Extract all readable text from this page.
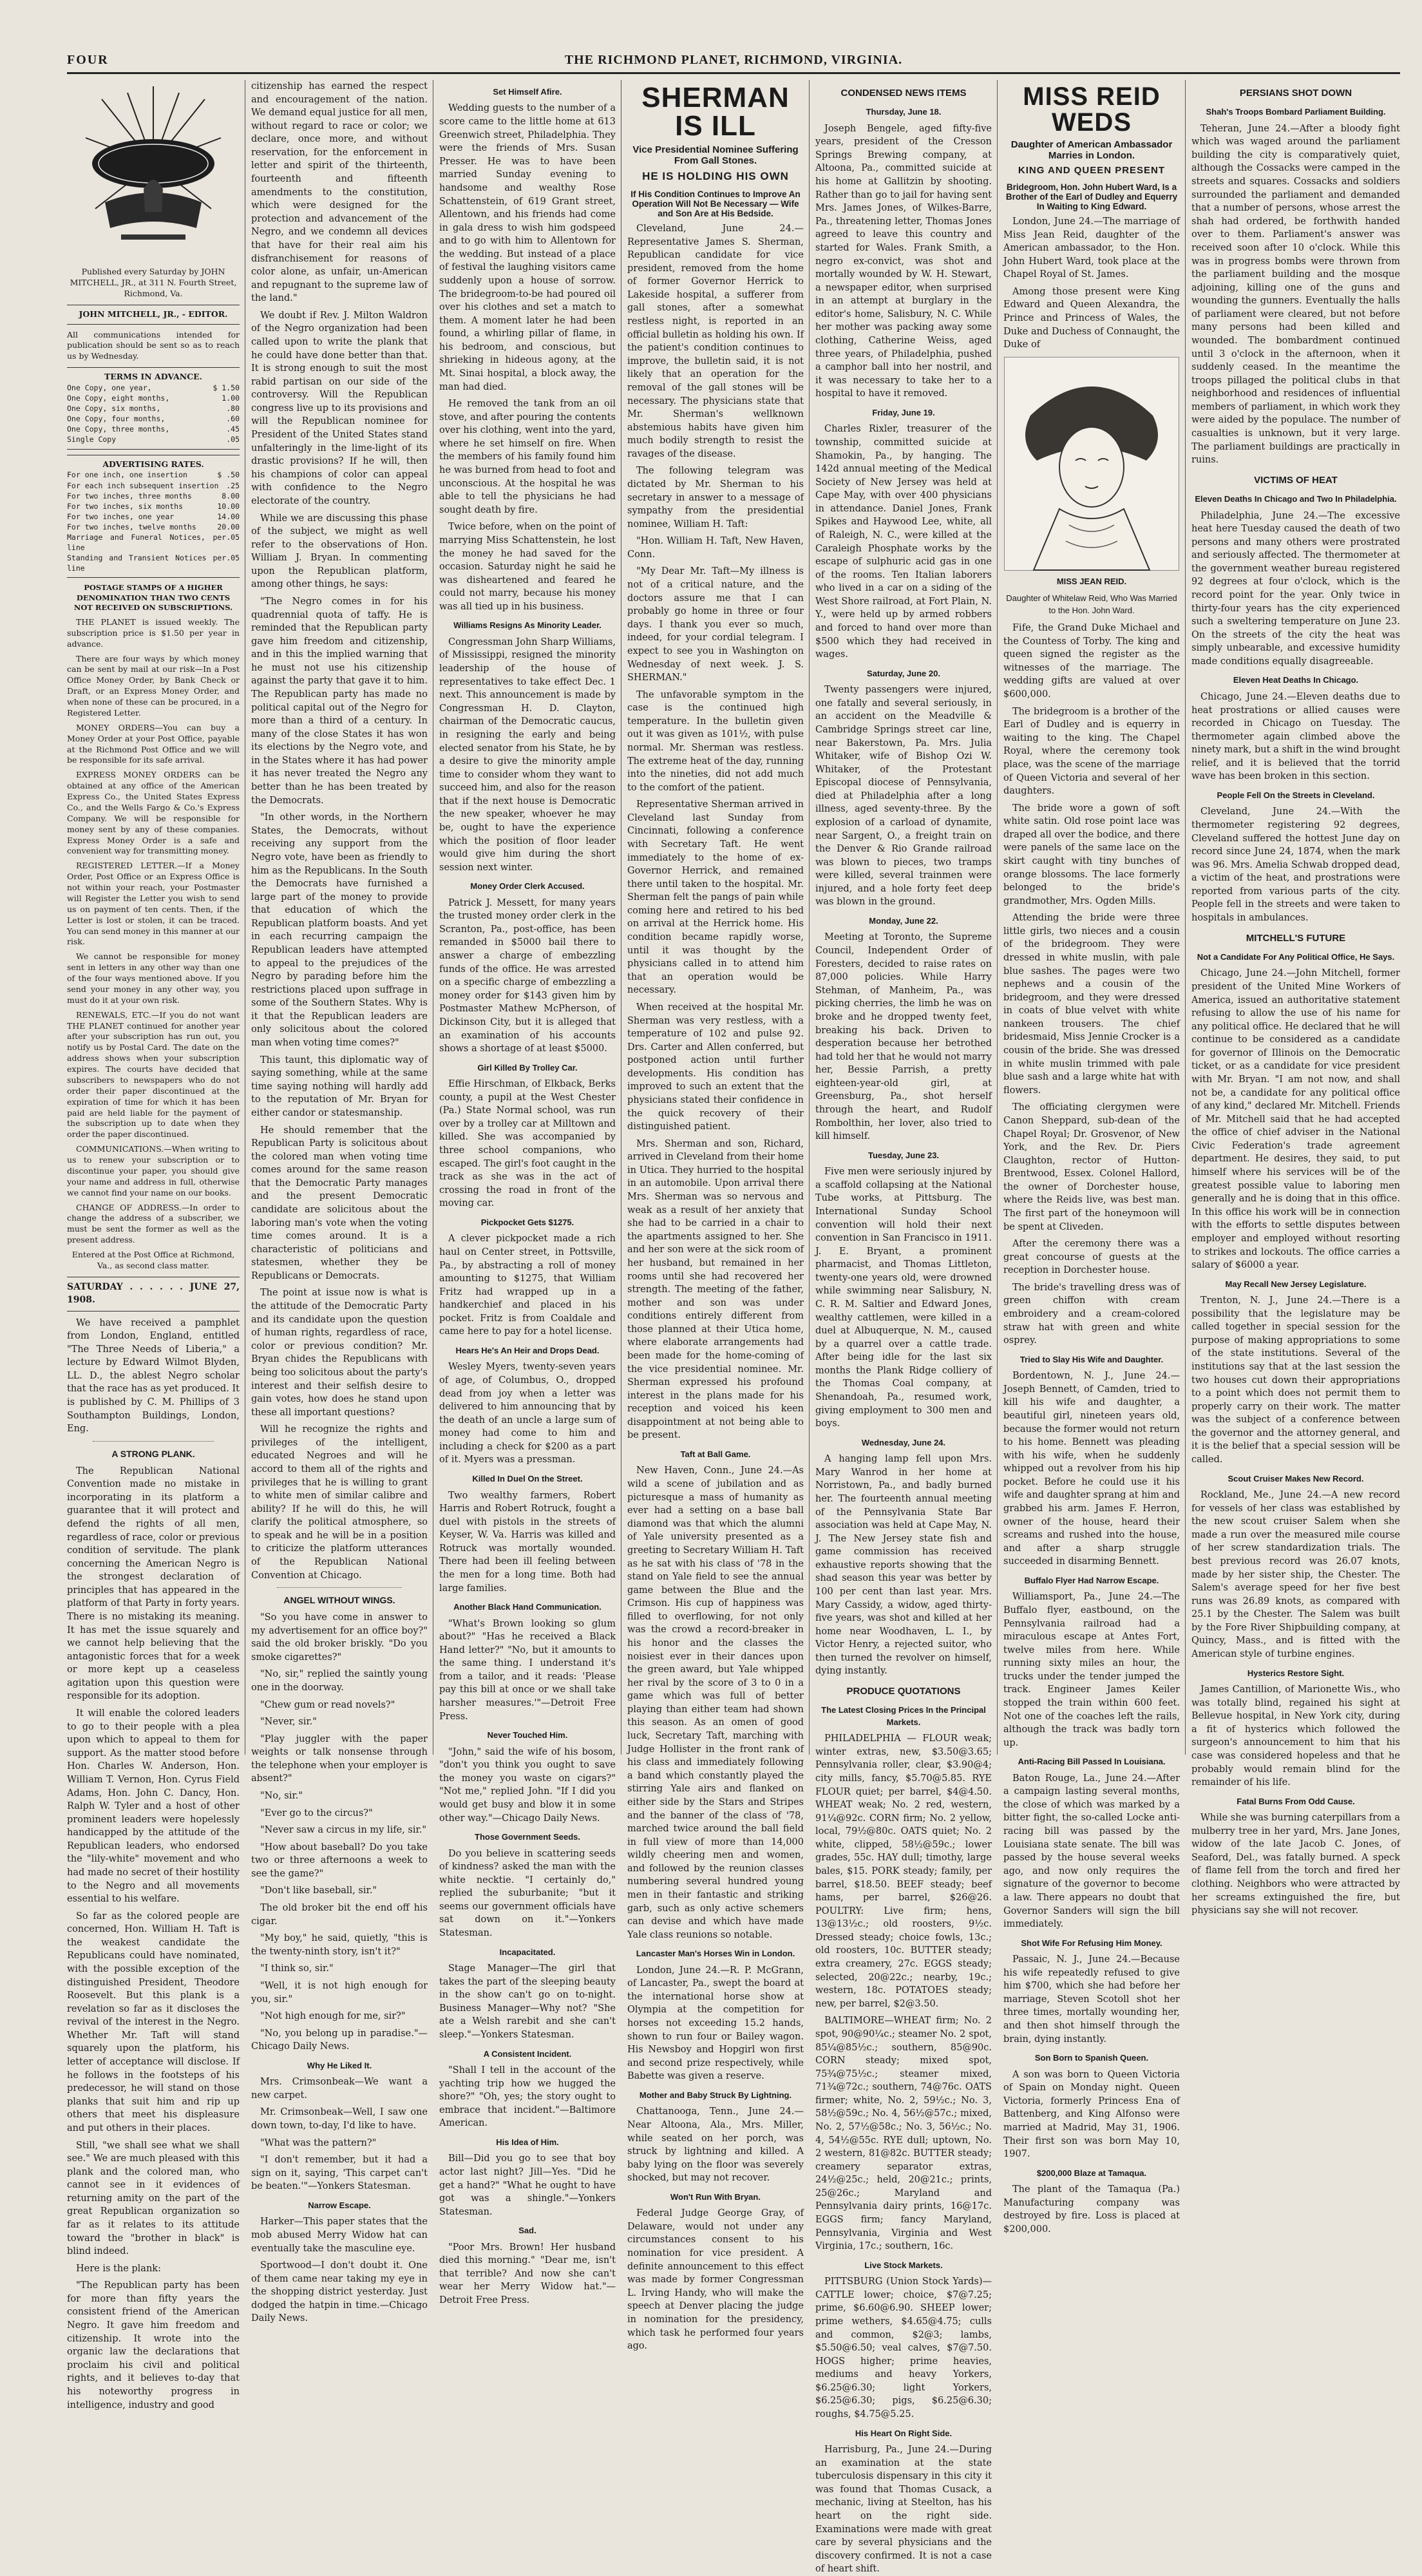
FOUR	THE RICHMOND PLANET, RICHMOND, VIRGINIA.

Published every Saturday by JOHN MITCHELL, JR., at 311 N. Fourth Street, Richmond, Va.

JOHN MITCHELL, JR., - EDITOR.

All communications intended for publication should be sent so as to reach us by Wednesday.

TERMS IN ADVANCE.
One Copy, one year,	$ 1.50
One Copy, eight months,	1.00
One Copy, six months,	.80
One Copy, four months,	.60
One Copy, three months,	.45
Single Copy	.05
ADVERTISING RATES.
For one inch, one insertion	$ .50
For each inch subsequent insertion .25
For two inches, three months	8.00
For two inches, six months	10.00
For two inches, one year	14.00
For two inches, twelve months	20.00
Marriage and Funeral Notices, per line
.05
Standing and Transient Notices per line
.05

POSTAGE STAMPS OF A HIGHER DENOMINATION THAN TWO CENTS NOT RECEIVED ON SUBSCRIPTIONS.

THE PLANET is issued weekly. The subscription price is $1.50 per year in advance.

There are four ways by which money can be sent by mail at our risk—In a Post Office Money Order, by Bank Check or Draft, or an Express Money Order, and when none of these can be procured, in a Registered Letter.

MONEY ORDERS—You can buy a Money Order at your Post Office, payable at the Richmond Post Office and we will be responsible for its safe arrival.

EXPRESS MONEY ORDERS can be obtained at any office of the American Express Co., the United States Express Co., and the Wells Fargo & Co.'s Express Company. We will be responsible for money sent by any of these companies. Express Money Order is a safe and convenient way for transmitting money.

REGISTERED LETTER.—If a Money Order, Post Office or an Express Office is not within your reach, your Postmaster will Register the Letter you wish to send us on payment of ten cents. Then, if the Letter is lost or stolen, it can be traced. You can send money in this manner at our risk.

We cannot be responsible for money sent in letters in any other way than one of the four ways mentioned above. If you send your money in any other way, you must do it at your own risk.

RENEWALS, ETC.—If you do not want THE PLANET continued for another year after your subscription has run out, you notify us by Postal Card. The date on the address shows when your subscription expires. The courts have decided that subscribers to newspapers who do not order their paper discontinued at the expiration of time for which it has been paid are held liable for the payment of the subscription up to date when they order the paper discontinued.

COMMUNICATIONS.—When writing to us to renew your subscription or to discontinue your paper, you should give your name and address in full, otherwise we cannot find your name on our books.

CHANGE OF ADDRESS.—In order to change the address of a subscriber, we must be sent the former as well as the present address.

Entered at the Post Office at Richmond, Va., as second class matter.

SATURDAY . . . . . . JUNE 27, 1908.

We have received a pamphlet from London, England, entitled "The Three Needs of Liberia," a lecture by Edward Wilmot Blyden, LL. D., the ablest Negro scholar that the race has as yet produced. It is published by C. M. Phillips of 3 Southampton Buildings, London, Eng.

A STRONG PLANK.

The Republican National Convention made no mistake in incorporating in its platform a guarantee that it will protect and defend the rights of all men, regardless of race, color or previous condition of servitude. The plank concerning the American Negro is the strongest declaration of principles that has appeared in the platform of that Party in forty years. There is no mistaking its meaning. It has met the issue squarely and we cannot help believing that the antagonistic forces that for a week or more kept up a ceaseless agitation upon this question were responsible for its adoption.

It will enable the colored leaders to go to their people with a plea upon which to appeal to them for support. As the matter stood before Hon. Charles W. Anderson, Hon. William T. Vernon, Hon. Cyrus Field Adams, Hon. John C. Dancy, Hon. Ralph W. Tyler and a host of other prominent leaders were hopelessly handicapped by the attitude of the Republican leaders, who endorsed the "lily-white" movement and who had made no secret of their hostility to the Negro and all movements essential to his welfare.

So far as the colored people are concerned, Hon. William H. Taft is the weakest candidate the Republicans could have nominated, with the possible exception of the distinguished President, Theodore Roosevelt. But this plank is a revelation so far as it discloses the revival of the interest in the Negro. Whether Mr. Taft will stand squarely upon the platform, his letter of acceptance will disclose. If he follows in the footsteps of his predecessor, he will stand on those planks that suit him and rip up others that meet his displeasure and put others in their places.

Still, "we shall see what we shall see." We are much pleased with this plank and the colored man, who cannot see in it evidences of returning amity on the part of the great Republican organization so far as it relates to its attitude toward the "brother in black" is blind indeed.

Here is the plank:

"The Republican party has been for more than fifty years the consistent friend of the American Negro. It gave him freedom and citizenship. It wrote into the organic law the declarations that proclaim his civil and political rights, and it believes to-day that his noteworthy progress in intelligence, industry and good

citizenship has earned the respect and encouragement of the nation. We demand equal justice for all men, without regard to race or color; we declare, once more, and without reservation, for the enforcement in letter and spirit of the thirteenth, fourteenth and fifteenth amendments to the constitution, which were designed for the protection and advancement of the Negro, and we condemn all devices that have for their real aim his disfranchisement for reasons of color alone, as unfair, un-American and repugnant to the supreme law of the land."

We doubt if Rev. J. Milton Waldron of the Negro organization had been called upon to write the plank that he could have done better than that. It is strong enough to suit the most rabid partisan on our side of the controversy. Will the Republican congress live up to its provisions and will the Republican nominee for President of the United States stand unfalteringly in the lime-light of its drastic provisions? If he will, then his champions of color can appeal with confidence to the Negro electorate of the country.

While we are discussing this phase of the subject, we might as well refer to the observations of Hon. William J. Bryan. In commenting upon the Republican platform, among other things, he says:

"The Negro comes in for his quadrennial quota of taffy. He is reminded that the Republican party gave him freedom and citizenship, and in this the implied warning that he must not use his citizenship against the party that gave it to him. The Republican party has made no political capital out of the Negro for more than a third of a century. In many of the close States it has won its elections by the Negro vote, and in the States where it has had power it has never treated the Negro any better than he has been treated by the Democrats.

"In other words, in the Northern States, the Democrats, without receiving any support from the Negro vote, have been as friendly to him as the Republicans. In the South the Democrats have furnished a large part of the money to provide that education of which the Republican platform boasts. And yet in each recurring campaign the Republican leaders have attempted to appeal to the prejudices of the Negro by parading before him the restrictions placed upon suffrage in some of the Southern States. Why is it that the Republican leaders are only solicitous about the colored man when voting time comes?"

This taunt, this diplomatic way of saying something, while at the same time saying nothing will hardly add to the reputation of Mr. Bryan for either candor or statesmanship.

He should remember that the Republican Party is solicitous about the colored man when voting time comes around for the same reason that the Democratic Party manages and the present Democratic candidate are solicitous about the laboring man's vote when the voting time comes around. It is a characteristic of politicians and statesmen, whether they be Republicans or Democrats.

The point at issue now is what is the attitude of the Democratic Party and its candidate upon the question of human rights, regardless of race, color or previous condition? Mr. Bryan chides the Republicans with being too solicitous about the party's interest and their selfish desire to gain votes, how does he stand upon these all important questions?

Will he recognize the rights and privileges of the intelligent, educated Negroes and will he accord to them all of the rights and privileges that he is willing to grant to white men of similar calibre and ability? If he will do this, he will clarify the political atmosphere, so to speak and he will be in a position to criticize the platform utterances of the Republican National Convention at Chicago.

ANGEL WITHOUT WINGS.

"So you have come in answer to my advertisement for an office boy?" said the old broker briskly. "Do you smoke cigarettes?"

"No, sir," replied the saintly young one in the doorway.

"Chew gum or read novels?"

"Never, sir."

"Play juggler with the paper weights or talk nonsense through the telephone when your employer is absent?"

"No, sir."

"Ever go to the circus?"

"Never saw a circus in my life, sir."

"How about baseball? Do you take two or three afternoons a week to see the game?"

"Don't like baseball, sir."

The old broker bit the end off his cigar.

"My boy," he said, quietly, "this is the twenty-ninth story, isn't it?"

"I think so, sir."

"Well, it is not high enough for you, sir."

"Not high enough for me, sir?"

"No, you belong up in paradise."—Chicago Daily News.

Why He Liked It.

Mrs. Crimsonbeak—We want a new carpet.

Mr. Crimsonbeak—Well, I saw one down town, to-day, I'd like to have.

"What was the pattern?"

"I don't remember, but it had a sign on it, saying, 'This carpet can't be beaten.'"—Yonkers Statesman.

Narrow Escape.

Harker—This paper states that the mob abused Merry Widow hat can eventually take the masculine eye.

Sportwood—I don't doubt it. One of them came near taking my eye in the shopping district yesterday. Just dodged the hatpin in time.—Chicago Daily News.

Set Himself Afire.

Wedding guests to the number of a score came to the little home at 613 Greenwich street, Philadelphia. They were the friends of Mrs. Susan Presser. He was to have been married Sunday evening to handsome and wealthy Rose Schattenstein, of 619 Grant street, Allentown, and his friends had come in gala dress to wish him godspeed and to go with him to Allentown for the wedding. But instead of a place of festival the laughing visitors came suddenly upon a house of sorrow. The bridegroom-to-be had poured oil over his clothes and set a match to them. A moment later he had been found, a whirling pillar of flame, in his bedroom, and conscious, but shrieking in hideous agony, at the Mt. Sinai hospital, a block away, the man had died.

He removed the tank from an oil stove, and after pouring the contents over his clothing, went into the yard, where he set himself on fire. When the members of his family found him he was burned from head to foot and unconscious. At the hospital he was able to tell the physicians he had sought death by fire.

Twice before, when on the point of marrying Miss Schattenstein, he lost the money he had saved for the occasion. Saturday night he said he was disheartened and feared he could not marry, because his money was all tied up in his business.

Williams Resigns As Minority Leader.

Congressman John Sharp Williams, of Mississippi, resigned the minority leadership of the house of representatives to take effect Dec. 1 next. This announcement is made by Congressman H. D. Clayton, chairman of the Democratic caucus, in resigning the early and being elected senator from his State, he by a desire to give the minority ample time to consider whom they want to succeed him, and also for the reason that if the next house is Democratic the new speaker, whoever he may be, ought to have the experience which the position of floor leader would give him during the short session next winter.

Money Order Clerk Accused.

Patrick J. Messett, for many years the trusted money order clerk in the Scranton, Pa., post-office, has been remanded in $5000 bail there to answer a charge of embezzling funds of the office. He was arrested on a specific charge of embezzling a money order for $143 given him by Postmaster Mathew McPherson, of Dickinson City, but it is alleged that an examination of his accounts shows a shortage of at least $5000.

Girl Killed By Trolley Car.

Effie Hirschman, of Elkback, Berks county, a pupil at the West Chester (Pa.) State Normal school, was run over by a trolley car at Milltown and killed. She was accompanied by three school companions, who escaped. The girl's foot caught in the track as she was in the act of crossing the road in front of the moving car.

Pickpocket Gets $1275.

A clever pickpocket made a rich haul on Center street, in Pottsville, Pa., by abstracting a roll of money amounting to $1275, that William Fritz had wrapped up in a handkerchief and placed in his pocket. Fritz is from Coaldale and came here to pay for a hotel license.

Hears He's An Heir and Drops Dead.

Wesley Myers, twenty-seven years of age, of Columbus, O., dropped dead from joy when a letter was delivered to him announcing that by the death of an uncle a large sum of money had come to him and including a check for $200 as a part of it. Myers was a pressman.

Killed In Duel On the Street.

Two wealthy farmers, Robert Harris and Robert Rotruck, fought a duel with pistols in the streets of Keyser, W. Va. Harris was killed and Rotruck was mortally wounded. There had been ill feeling between the men for a long time. Both had large families.

Another Black Hand Communication.

"What's Brown looking so glum about?" "Has he received a Black Hand letter?" "No, but it amounts to the same thing. I understand it's from a tailor, and it reads: 'Please pay this bill at once or we shall take harsher measures.'"—Detroit Free Press.

Never Touched Him.

"John," said the wife of his bosom, "don't you think you ought to save the money you waste on cigars?" "Not me," replied John. "If I did you would get busy and blow it in some other way."—Chicago Daily News.

Those Government Seeds.

Do you believe in scattering seeds of kindness? asked the man with the white necktie. "I certainly do," replied the suburbanite; "but it seems our government officials have sat down on it."—Yonkers Statesman.

Incapacitated.

Stage Manager—The girl that takes the part of the sleeping beauty in the show can't go on to-night. Business Manager—Why not? "She ate a Welsh rarebit and she can't sleep."—Yonkers Statesman.

A Consistent Incident.

"Shall I tell in the account of the yachting trip how we hugged the shore?" "Oh, yes; the story ought to embrace that incident."—Baltimore American.

His Idea of Him.

Bill—Did you go to see that boy actor last night? Jill—Yes. "Did he get a hand?" "What he ought to have got was a shingle."—Yonkers Statesman.

Sad.

"Poor Mrs. Brown! Her husband died this morning." "Dear me, isn't that terrible? And now she can't wear her Merry Widow hat."—Detroit Free Press.

SHERMAN IS ILL
Vice Presidential Nominee Suffering From Gall Stones.
HE IS HOLDING HIS OWN
If His Condition Continues to Improve An Operation Will Not Be Necessary — Wife and Son Are at His Bedside.

Cleveland, June 24.—Representative James S. Sherman, Republican candidate for vice president, removed from the home of former Governor Herrick to Lakeside hospital, a sufferer from gall stones, after a somewhat restless night, is reported in an official bulletin as holding his own. If the patient's condition continues to improve, the bulletin said, it is not likely that an operation for the removal of the gall stones will be necessary. The physicians state that Mr. Sherman's wellknown abstemious habits have given him much bodily strength to resist the ravages of the disease.

The following telegram was dictated by Mr. Sherman to his secretary in answer to a message of sympathy from the presidential nominee, William H. Taft:

"Hon. William H. Taft, New Haven, Conn.

"My Dear Mr. Taft—My illness is not of a critical nature, and the doctors assure me that I can probably go home in three or four days. I thank you ever so much, indeed, for your cordial telegram. I expect to see you in Washington on Wednesday of next week. J. S. SHERMAN."

The unfavorable symptom in the case is the continued high temperature. In the bulletin given out it was given as 101½, with pulse normal. Mr. Sherman was restless. The extreme heat of the day, running into the nineties, did not add much to the comfort of the patient.

Representative Sherman arrived in Cleveland last Sunday from Cincinnati, following a conference with Secretary Taft. He went immediately to the home of ex-Governor Herrick, and remained there until taken to the hospital. Mr. Sherman felt the pangs of pain while coming here and retired to his bed on arrival at the Herrick home. His condition became rapidly worse, until it was thought by the physicians called in to attend him that an operation would be necessary.

When received at the hospital Mr. Sherman was very restless, with a temperature of 102 and pulse 92. Drs. Carter and Allen conferred, but postponed action until further developments. His condition has improved to such an extent that the physicians stated their confidence in the quick recovery of their distinguished patient.

Mrs. Sherman and son, Richard, arrived in Cleveland from their home in Utica. They hurried to the hospital in an automobile. Upon arrival there Mrs. Sherman was so nervous and weak as a result of her anxiety that she had to be carried in a chair to the apartments assigned to her. She and her son were at the sick room of her husband, but remained in her rooms until she had recovered her strength. The meeting of the father, mother and son was under conditions entirely different from those planned at their Utica home, where elaborate arrangements had been made for the home-coming of the vice presidential nominee. Mr. Sherman expressed his profound interest in the plans made for his reception and voiced his keen disappointment at not being able to be present.

Taft at Ball Game.

New Haven, Conn., June 24.—As wild a scene of jubilation and as picturesque a mass of humanity as ever had a setting on a base ball diamond was that which the alumni of Yale university presented as a greeting to Secretary William H. Taft as he sat with his class of '78 in the stand on Yale field to see the annual game between the Blue and the Crimson. His cup of happiness was filled to overflowing, for not only was the crowd a record-breaker in his honor and the classes the noisiest ever in their dances upon the green award, but Yale whipped her rival by the score of 3 to 0 in a game which was full of better playing than either team had shown this season. As an omen of good luck, Secretary Taft, marching with Judge Hollister in the front rank of his class and immediately following a band which constantly played the stirring Yale airs and flanked on either side by the Stars and Stripes and the banner of the class of '78, marched twice around the ball field in full view of more than 14,000 wildly cheering men and women, and followed by the reunion classes numbering several hundred young men in their fantastic and striking garb, such as only active schemers can devise and which have made Yale class reunions so notable.

Lancaster Man's Horses Win in London.

London, June 24.—R. P. McGrann, of Lancaster, Pa., swept the board at the international horse show at Olympia at the competition for horses not exceeding 15.2 hands, shown to run four or Bailey wagon. His Newsboy and Hopgirl won first and second prize respectively, while Babette was given a reserve.

Mother and Baby Struck By Lightning.

Chattanooga, Tenn., June 24.—Near Altoona, Ala., Mrs. Miller, while seated on her porch, was struck by lightning and killed. A baby lying on the floor was severely shocked, but may not recover.

Won't Run With Bryan.

Federal Judge George Gray, of Delaware, would not under any circumstances consent to his nomination for vice president. A definite announcement to this effect was made by former Congressman L. Irving Handy, who will make the speech at Denver placing the judge in nomination for the presidency, which task he performed four years ago.

CONDENSED NEWS ITEMS
Thursday, June 18.

Joseph Bengele, aged fifty-five years, president of the Cresson Springs Brewing company, at Altoona, Pa., committed suicide at his home at Gallitzin by shooting. Rather than go to jail for having sent Mrs. James Jones, of Wilkes-Barre, Pa., threatening letter, Thomas Jones agreed to leave this country and started for Wales. Frank Smith, a negro ex-convict, was shot and mortally wounded by W. H. Stewart, a newspaper editor, when surprised in an attempt at burglary in the editor's home, Salisbury, N. C. While her mother was packing away some clothing, Catherine Weiss, aged three years, of Philadelphia, pushed a camphor ball into her nostril, and it was necessary to take her to a hospital to have it removed.

Friday, June 19.

Charles Rixler, treasurer of the township, committed suicide at Shamokin, Pa., by hanging. The 142d annual meeting of the Medical Society of New Jersey was held at Cape May, with over 400 physicians in attendance. Daniel Jones, Frank Spikes and Haywood Lee, white, all of Raleigh, N. C., were killed at the Caraleigh Phosphate works by the escape of sulphuric acid gas in one of the rooms. Ten Italian laborers who lived in a car on a siding of the West Shore railroad, at Fort Plain, N. Y., were held up by armed robbers and forced to hand over more than $500 which they had received in wages.

Saturday, June 20.

Twenty passengers were injured, one fatally and several seriously, in an accident on the Meadville & Cambridge Springs street car line, near Bakerstown, Pa. Mrs. Julia Whitaker, wife of Bishop Ozi W. Whitaker, of the Protestant Episcopal diocese of Pennsylvania, died at Philadelphia after a long illness, aged seventy-three. By the explosion of a carload of dynamite, near Sargent, O., a freight train on the Denver & Rio Grande railroad was blown to pieces, two tramps were killed, several trainmen were injured, and a hole forty feet deep was blown in the ground.

Monday, June 22.

Meeting at Toronto, the Supreme Council, Independent Order of Foresters, decided to raise rates on 87,000 policies. While Harry Stehman, of Manheim, Pa., was picking cherries, the limb he was on broke and he dropped twenty feet, breaking his back. Driven to desperation because her betrothed had told her that he would not marry her, Bessie Parrish, a pretty eighteen-year-old girl, at Greensburg, Pa., shot herself through the heart, and Rudolf Rombolthin, her lover, also tried to kill himself.

Tuesday, June 23.

Five men were seriously injured by a scaffold collapsing at the National Tube works, at Pittsburg. The International Sunday School convention will hold their next convention in San Francisco in 1911. J. E. Bryant, a prominent pharmacist, and Thomas Littleton, twenty-one years old, were drowned while swimming near Salisbury, N. C. R. M. Saltier and Edward Jones, wealthy cattlemen, were killed in a duel at Albuquerque, N. M., caused by a quarrel over a cattle trade. After being idle for the last six months the Plank Ridge colliery of the Thomas Coal company, at Shenandoah, Pa., resumed work, giving employment to 300 men and boys.

Wednesday, June 24.

A hanging lamp fell upon Mrs. Mary Wanrod in her home at Norristown, Pa., and badly burned her. The fourteenth annual meeting of the Pennsylvania State Bar association was held at Cape May, N. J. The New Jersey state fish and game commission has received exhaustive reports showing that the shad season this year was better by 100 per cent than last year. Mrs. Mary Cassidy, a widow, aged thirty-five years, was shot and killed at her home near Woodhaven, L. I., by Victor Henry, a rejected suitor, who then turned the revolver on himself, dying instantly.

PRODUCE QUOTATIONS
The Latest Closing Prices In the Principal Markets.

PHILADELPHIA — FLOUR weak; winter extras, new, $3.50@3.65; Pennsylvania roller, clear, $3.90@4; city mills, fancy, $5.70@5.85. RYE FLOUR quiet; per barrel, $4@4.50. WHEAT weak; No. 2 red, western, 91¼@92c. CORN firm; No. 2 yellow, local, 79½@80c. OATS quiet; No. 2 white, clipped, 58½@59c.; lower grades, 55c. HAY dull; timothy, large bales, $15. PORK steady; family, per barrel, $18.50. BEEF steady; beef hams, per barrel, $26@26. POULTRY: Live firm; hens, 13@13½c.; old roosters, 9½c. Dressed steady; choice fowls, 13c.; old roosters, 10c. BUTTER steady; extra creamery, 27c. EGGS steady; selected, 20@22c.; nearby, 19c.; western, 18c. POTATOES steady; new, per barrel, $2@3.50.

BALTIMORE—WHEAT firm; No. 2 spot, 90@90¼c.; steamer No. 2 spot, 85¼@85½c.; southern, 85@90c. CORN steady; mixed spot, 75¾@75½c.; steamer mixed, 71¾@72c.; southern, 74@76c. OATS firmer; white, No. 2, 59½c.; No. 3, 58½@59c.; No. 4, 56½@57c.; mixed, No. 2, 57½@58c.; No. 3, 56½c.; No. 4, 54½@55c. RYE dull; uptown, No. 2 western, 81@82c. BUTTER steady; creamery separator extras, 24½@25c.; held, 20@21c.; prints, 25@26c.; Maryland and Pennsylvania dairy prints, 16@17c. EGGS firm; fancy Maryland, Pennsylvania, Virginia and West Virginia, 17c.; southern, 16c.

Live Stock Markets.

PITTSBURG (Union Stock Yards)—CATTLE lower; choice, $7@7.25; prime, $6.60@6.90. SHEEP lower; prime wethers, $4.65@4.75; culls and common, $2@3; lambs, $5.50@6.50; veal calves, $7@7.50. HOGS higher; prime heavies, mediums and heavy Yorkers, $6.25@6.30; light Yorkers, $6.25@6.30; pigs, $6.25@6.30; roughs, $4.75@5.25.

His Heart On Right Side.

Harrisburg, Pa., June 24.—During an examination at the state tuberculosis dispensary in this city it was found that Thomas Cusack, a mechanic, living at Steelton, has his heart on the right side. Examinations were made with great care by several physicians and the discovery confirmed. It is not a case of heart shift.

MISS REID WEDS
Daughter of American Ambassador Marries in London.
KING AND QUEEN PRESENT
Bridegroom, Hon. John Hubert Ward, Is a Brother of the Earl of Dudley and Equerry In Waiting to King Edward.

London, June 24.—The marriage of Miss Jean Reid, daughter of the American ambassador, to the Hon. John Hubert Ward, took place at the Chapel Royal of St. James.

Among those present were King Edward and Queen Alexandra, the Prince and Princess of Wales, the Duke and Duchess of Connaught, the Duke of

MISS JEAN REID.
Daughter of Whitelaw Reid, Who Was Married to the Hon. John Ward.

Fife, the Grand Duke Michael and the Countess of Torby. The king and queen signed the register as the witnesses of the marriage. The wedding gifts are valued at over $600,000.

The bridegroom is a brother of the Earl of Dudley and is equerry in waiting to the king. The Chapel Royal, where the ceremony took place, was the scene of the marriage of Queen Victoria and several of her daughters.

The bride wore a gown of soft white satin. Old rose point lace was draped all over the bodice, and there were panels of the same lace on the skirt caught with tiny bunches of orange blossoms. The lace formerly belonged to the bride's grandmother, Mrs. Ogden Mills.

Attending the bride were three little girls, two nieces and a cousin of the bridegroom. They were dressed in white muslin, with pale blue sashes. The pages were two nephews and a cousin of the bridegroom, and they were dressed in coats of blue velvet with white nankeen trousers. The chief bridesmaid, Miss Jennie Crocker is a cousin of the bride. She was dressed in white muslin trimmed with pale blue sash and a large white hat with flowers.

The officiating clergymen were Canon Sheppard, sub-dean of the Chapel Royal; Dr. Grosvenor, of New York, and the Rev. Dr. Piers Claughton, rector of Hutton-Brentwood, Essex. Colonel Hallord, the owner of Dorchester house, where the Reids live, was best man. The first part of the honeymoon will be spent at Cliveden.

After the ceremony there was a great concourse of guests at the reception in Dorchester house.

The bride's travelling dress was of green chiffon with cream embroidery and a cream-colored straw hat with green and white osprey.

Tried to Slay His Wife and Daughter.

Bordentown, N. J., June 24.—Joseph Bennett, of Camden, tried to kill his wife and daughter, a beautiful girl, nineteen years old, because the former would not return to his home. Bennett was pleading with his wife, when he suddenly whipped out a revolver from his hip pocket. Before he could use it his wife and daughter sprang at him and grabbed his arm. James F. Herron, owner of the house, heard their screams and rushed into the house, and after a sharp struggle succeeded in disarming Bennett.

Buffalo Flyer Had Narrow Escape.

Williamsport, Pa., June 24.—The Buffalo flyer, eastbound, on the Pennsylvania railroad had a miraculous escape at Antes Fort, twelve miles from here. While running sixty miles an hour, the trucks under the tender jumped the track. Engineer James Keiler stopped the train within 600 feet. Not one of the coaches left the rails, although the track was badly torn up.

Anti-Racing Bill Passed In Louisiana.

Baton Rouge, La., June 24.—After a campaign lasting several months, the close of which was marked by a bitter fight, the so-called Locke anti-racing bill was passed by the Louisiana state senate. The bill was passed by the house several weeks ago, and now only requires the signature of the governor to become a law. There appears no doubt that Governor Sanders will sign the bill immediately.

Shot Wife For Refusing Him Money.

Passaic, N. J., June 24.—Because his wife repeatedly refused to give him $700, which she had before her marriage, Steven Scotoll shot her three times, mortally wounding her, and then shot himself through the brain, dying instantly.

Son Born to Spanish Queen.

A son was born to Queen Victoria of Spain on Monday night. Queen Victoria, formerly Princess Ena of Battenberg, and King Alfonso were married at Madrid, May 31, 1906. Their first son was born May 10, 1907.

$200,000 Blaze at Tamaqua.

The plant of the Tamaqua (Pa.) Manufacturing company was destroyed by fire. Loss is placed at $200,000.

PERSIANS SHOT DOWN
Shah's Troops Bombard Parliament Building.

Teheran, June 24.—After a bloody fight which was waged around the parliament building the city is comparatively quiet, although the Cossacks were camped in the streets and squares. Cossacks and soldiers surrounded the parliament and demanded that a number of persons, whose arrest the shah had ordered, be forthwith handed over to them. Parliament's answer was received soon after 10 o'clock. While this was in progress bombs were thrown from the parliament building and the mosque adjoining, killing one of the guns and wounding the gunners. Eventually the halls of parliament were cleared, but not before many persons had been killed and wounded. The bombardment continued until 3 o'clock in the afternoon, when it suddenly ceased. In the meantime the troops pillaged the political clubs in that neighborhood and residences of influential members of parliament, in which work they were aided by the populace. The number of casualties is unknown, but it very large. The parliament buildings are practically in ruins.

VICTIMS OF HEAT
Eleven Deaths In Chicago and Two In Philadelphia.

Philadelphia, June 24.—The excessive heat here Tuesday caused the death of two persons and many others were prostrated and seriously affected. The thermometer at the government weather bureau registered 92 degrees at four o'clock, which is the record point for the year. Only twice in thirty-four years has the city experienced such a sweltering temperature on June 23. On the streets of the city the heat was simply unbearable, and excessive humidity made conditions equally disagreeable.

Eleven Heat Deaths In Chicago.

Chicago, June 24.—Eleven deaths due to heat prostrations or allied causes were recorded in Chicago on Tuesday. The thermometer again climbed above the ninety mark, but a shift in the wind brought relief, and it is believed that the torrid wave has been broken in this section.

People Fell On the Streets in Cleveland.

Cleveland, June 24.—With the thermometer registering 92 degrees, Cleveland suffered the hottest June day on record since June 24, 1874, when the mark was 96. Mrs. Amelia Schwab dropped dead, a victim of the heat, and prostrations were reported from various parts of the city. People fell in the streets and were taken to hospitals in ambulances.

MITCHELL'S FUTURE
Not a Candidate For Any Political Office, He Says.

Chicago, June 24.—John Mitchell, former president of the United Mine Workers of America, issued an authoritative statement refusing to allow the use of his name for any political office. He declared that he will continue to be considered as a candidate for governor of Illinois on the Democratic ticket, or as a candidate for vice president with Mr. Bryan. "I am not now, and shall not be, a candidate for any political office of any kind," declared Mr. Mitchell. Friends of Mr. Mitchell said that he had accepted the office of chief adviser in the National Civic Federation's trade agreement department. He desires, they said, to put himself where his services will be of the greatest possible value to laboring men generally and he is doing that in this office. In this office his work will be in connection with the efforts to settle disputes between employer and employed without resorting to strikes and lockouts. The office carries a salary of $6000 a year.

May Recall New Jersey Legislature.

Trenton, N. J., June 24.—There is a possibility that the legislature may be called together in special session for the purpose of making appropriations to some of the state institutions. Several of the institutions say that at the last session the two houses cut down their appropriations to a point which does not permit them to properly carry on their work. The matter was the subject of a conference between the governor and the attorney general, and it is the belief that a special session will be called.

Scout Cruiser Makes New Record.

Rockland, Me., June 24.—A new record for vessels of her class was established by the new scout cruiser Salem when she made a run over the measured mile course of her screw standardization trials. The best previous record was 26.07 knots, made by her sister ship, the Chester. The Salem's average speed for her five best runs was 26.89 knots, as compared with 25.1 by the Chester. The Salem was built by the Fore River Shipbuilding company, at Quincy, Mass., and is fitted with the American style of turbine engines.

Hysterics Restore Sight.

James Cantillion, of Marionette Wis., who was totally blind, regained his sight at Bellevue hospital, in New York city, during a fit of hysterics which followed the surgeon's announcement to him that his case was considered hopeless and that he probably would remain blind for the remainder of his life.

Fatal Burns From Odd Cause.

While she was burning caterpillars from a mulberry tree in her yard, Mrs. Jane Jones, widow of the late Jacob C. Jones, of Seaford, Del., was fatally burned. A speck of flame fell from the torch and fired her clothing. Neighbors who were attracted by her screams extinguished the fire, but physicians say she will not recover.
